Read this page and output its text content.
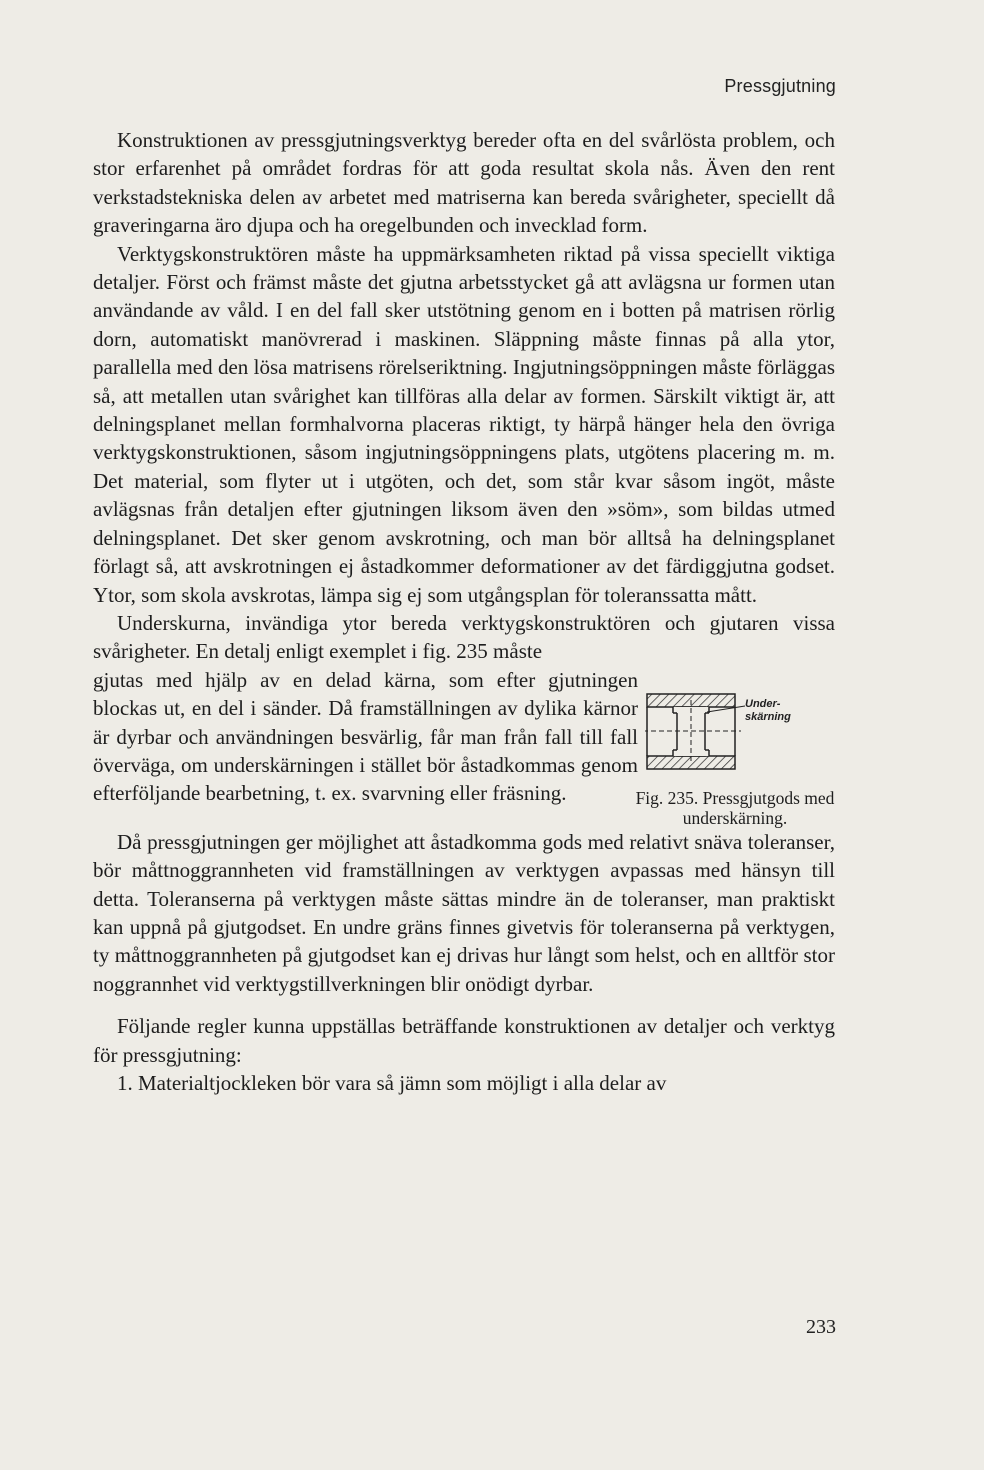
Pressgjutning

Konstruktionen av pressgjutningsverktyg bereder ofta en del svårlösta problem, och stor erfarenhet på området fordras för att goda resultat skola nås. Även den rent verkstadstekniska delen av arbetet med matriserna kan bereda svårigheter, speciellt då graveringarna äro djupa och ha oregelbunden och invecklad form.

Verktygskonstruktören måste ha uppmärksamheten riktad på vissa speciellt viktiga detaljer. Först och främst måste det gjutna arbetsstycket gå att avlägsna ur formen utan användande av våld. I en del fall sker utstötning genom en i botten på matrisen rörlig dorn, automatiskt manövrerad i maskinen. Släppning måste finnas på alla ytor, parallella med den lösa matrisens rörelseriktning. Ingjutningsöppningen måste förläggas så, att metallen utan svårighet kan tillföras alla delar av formen. Särskilt viktigt är, att delningsplanet mellan formhalvorna placeras riktigt, ty härpå hänger hela den övriga verktygskonstruktionen, såsom ingjutningsöppningens plats, utgötens placering m. m. Det material, som flyter ut i utgöten, och det, som står kvar såsom ingöt, måste avlägsnas från detaljen efter gjutningen liksom även den »söm», som bildas utmed delningsplanet. Det sker genom avskrotning, och man bör alltså ha delningsplanet förlagt så, att avskrotningen ej åstadkommer deformationer av det färdiggjutna godset. Ytor, som skola avskrotas, lämpa sig ej som utgångsplan för toleranssatta mått.

Underskurna, invändiga ytor bereda verktygskonstruktören och gjutaren vissa svårigheter. En detalj enligt exemplet i fig. 235 måste

gjutas med hjälp av en delad kärna, som efter gjutningen blockas ut, en del i sänder. Då framställningen av dylika kärnor är dyrbar och användningen besvärlig, får man från fall till fall överväga, om underskärningen i stället bör åstadkommas genom efterföljande bearbetning, t. ex. svarvning eller fräsning.

Under-
skärning
Fig. 235. Pressgjutgods med underskärning.

Då pressgjutningen ger möjlighet att åstadkomma gods med relativt snäva toleranser, bör måttnoggrannheten vid framställningen av verktygen avpassas med hänsyn till detta. Toleranserna på verktygen måste sättas mindre än de toleranser, man praktiskt kan uppnå på gjutgodset. En undre gräns finnes givetvis för toleranserna på verktygen, ty måttnoggrannheten på gjutgodset kan ej drivas hur långt som helst, och en alltför stor noggrannhet vid verktygstillverkningen blir onödigt dyrbar.

Följande regler kunna uppställas beträffande konstruktionen av detaljer och verktyg för pressgjutning:

1. Materialtjockleken bör vara så jämn som möjligt i alla delar av

233
